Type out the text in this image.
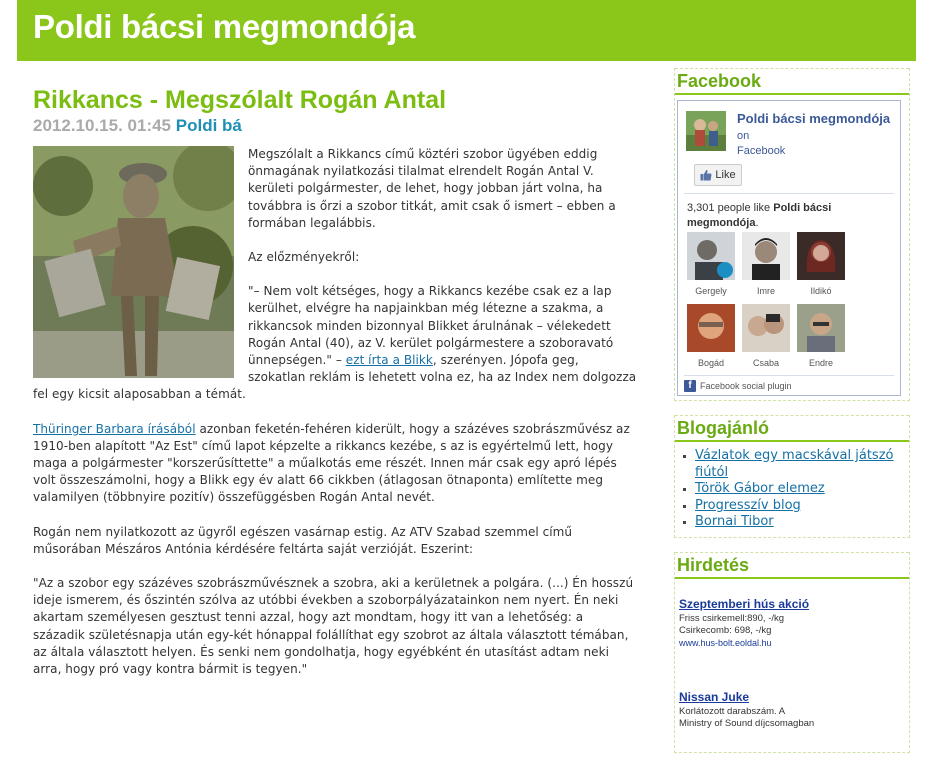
Poldi bácsi megmondója
Rikkancs - Megszólalt Rogán Antal
2012.10.15. 01:45 Poldi bá

Megszólalt a Rikkancs című köztéri szobor ügyében eddig önmagának nyilatkozási tilalmat elrendelt Rogán Antal V. kerületi polgármester, de lehet, hogy jobban járt volna, ha továbbra is őrzi a szobor titkát, amit csak ő ismert – ebben a formában legalábbis.

Az előzményekről:

"– Nem volt kétséges, hogy a Rikkancs kezébe csak ez a lap kerülhet, elvégre ha napjainkban még létezne a szakma, a rikkancsok minden bizonnyal Blikket árulnának – vélekedett Rogán Antal (40), az V. kerület polgármestere a szoboravató ünnepségen." – ezt írta a Blikk, szerényen. Jópofa geg, szokatlan reklám is lehetett volna ez, ha az Index nem dolgozza fel egy kicsit alaposabban a témát.

Thüringer Barbara írásából azonban feketén-fehéren kiderült, hogy a százéves szobrászművész az 1910-ben alapított "Az Est" című lapot képzelte a rikkancs kezébe, s az is egyértelmű lett, hogy maga a polgármester "korszerűsíttette" a műalkotás eme részét. Innen már csak egy apró lépés volt összeszámolni, hogy a Blikk egy év alatt 66 cikkben (átlagosan ötnaponta) említette meg valamilyen (többnyire pozitív) összefüggésben Rogán Antal nevét.

Rogán nem nyilatkozott az ügyről egészen vasárnap estig. Az ATV Szabad szemmel című műsorában Mészáros Antónia kérdésére feltárta saját verzióját. Eszerint:

"Az a szobor egy százéves szobrászművésznek a szobra, aki a kerületnek a polgára. (...) Én hosszú ideje ismerem, és őszintén szólva az utóbbi években a szoborpályázatainkon nem nyert. Én neki akartam személyesen gesztust tenni azzal, hogy azt mondtam, hogy itt van a lehetőség: a századik születésnapja után egy-két hónappal folállíthat egy szobrot az általa választott témában, az általa választott helyen. És senki nem gondolhatja, hogy egyébként én utasítást adtam neki arra, hogy pró vagy kontra bármit is tegyen."

Facebook
Poldi bácsi megmondója on
Facebook
Like
3,301 people like Poldi bácsi megmondója.
Gergely	Imre	Ildikó
Bogád	Csaba	Endre
f Facebook social plugin
Blogajánló
▪ Vázlatok egy macskával játszó fiútól
▪ Török Gábor elemez
▪ Progresszív blog
▪ Bornai Tibor
Hirdetés
Szeptemberi hús akció
Friss csirkemell:890, -/kg
Csirkecomb: 698, -/kg
www.hus-bolt.eoldal.hu
Nissan Juke
Korlátozott darabszám. A
Ministry of Sound díjcsomagban
